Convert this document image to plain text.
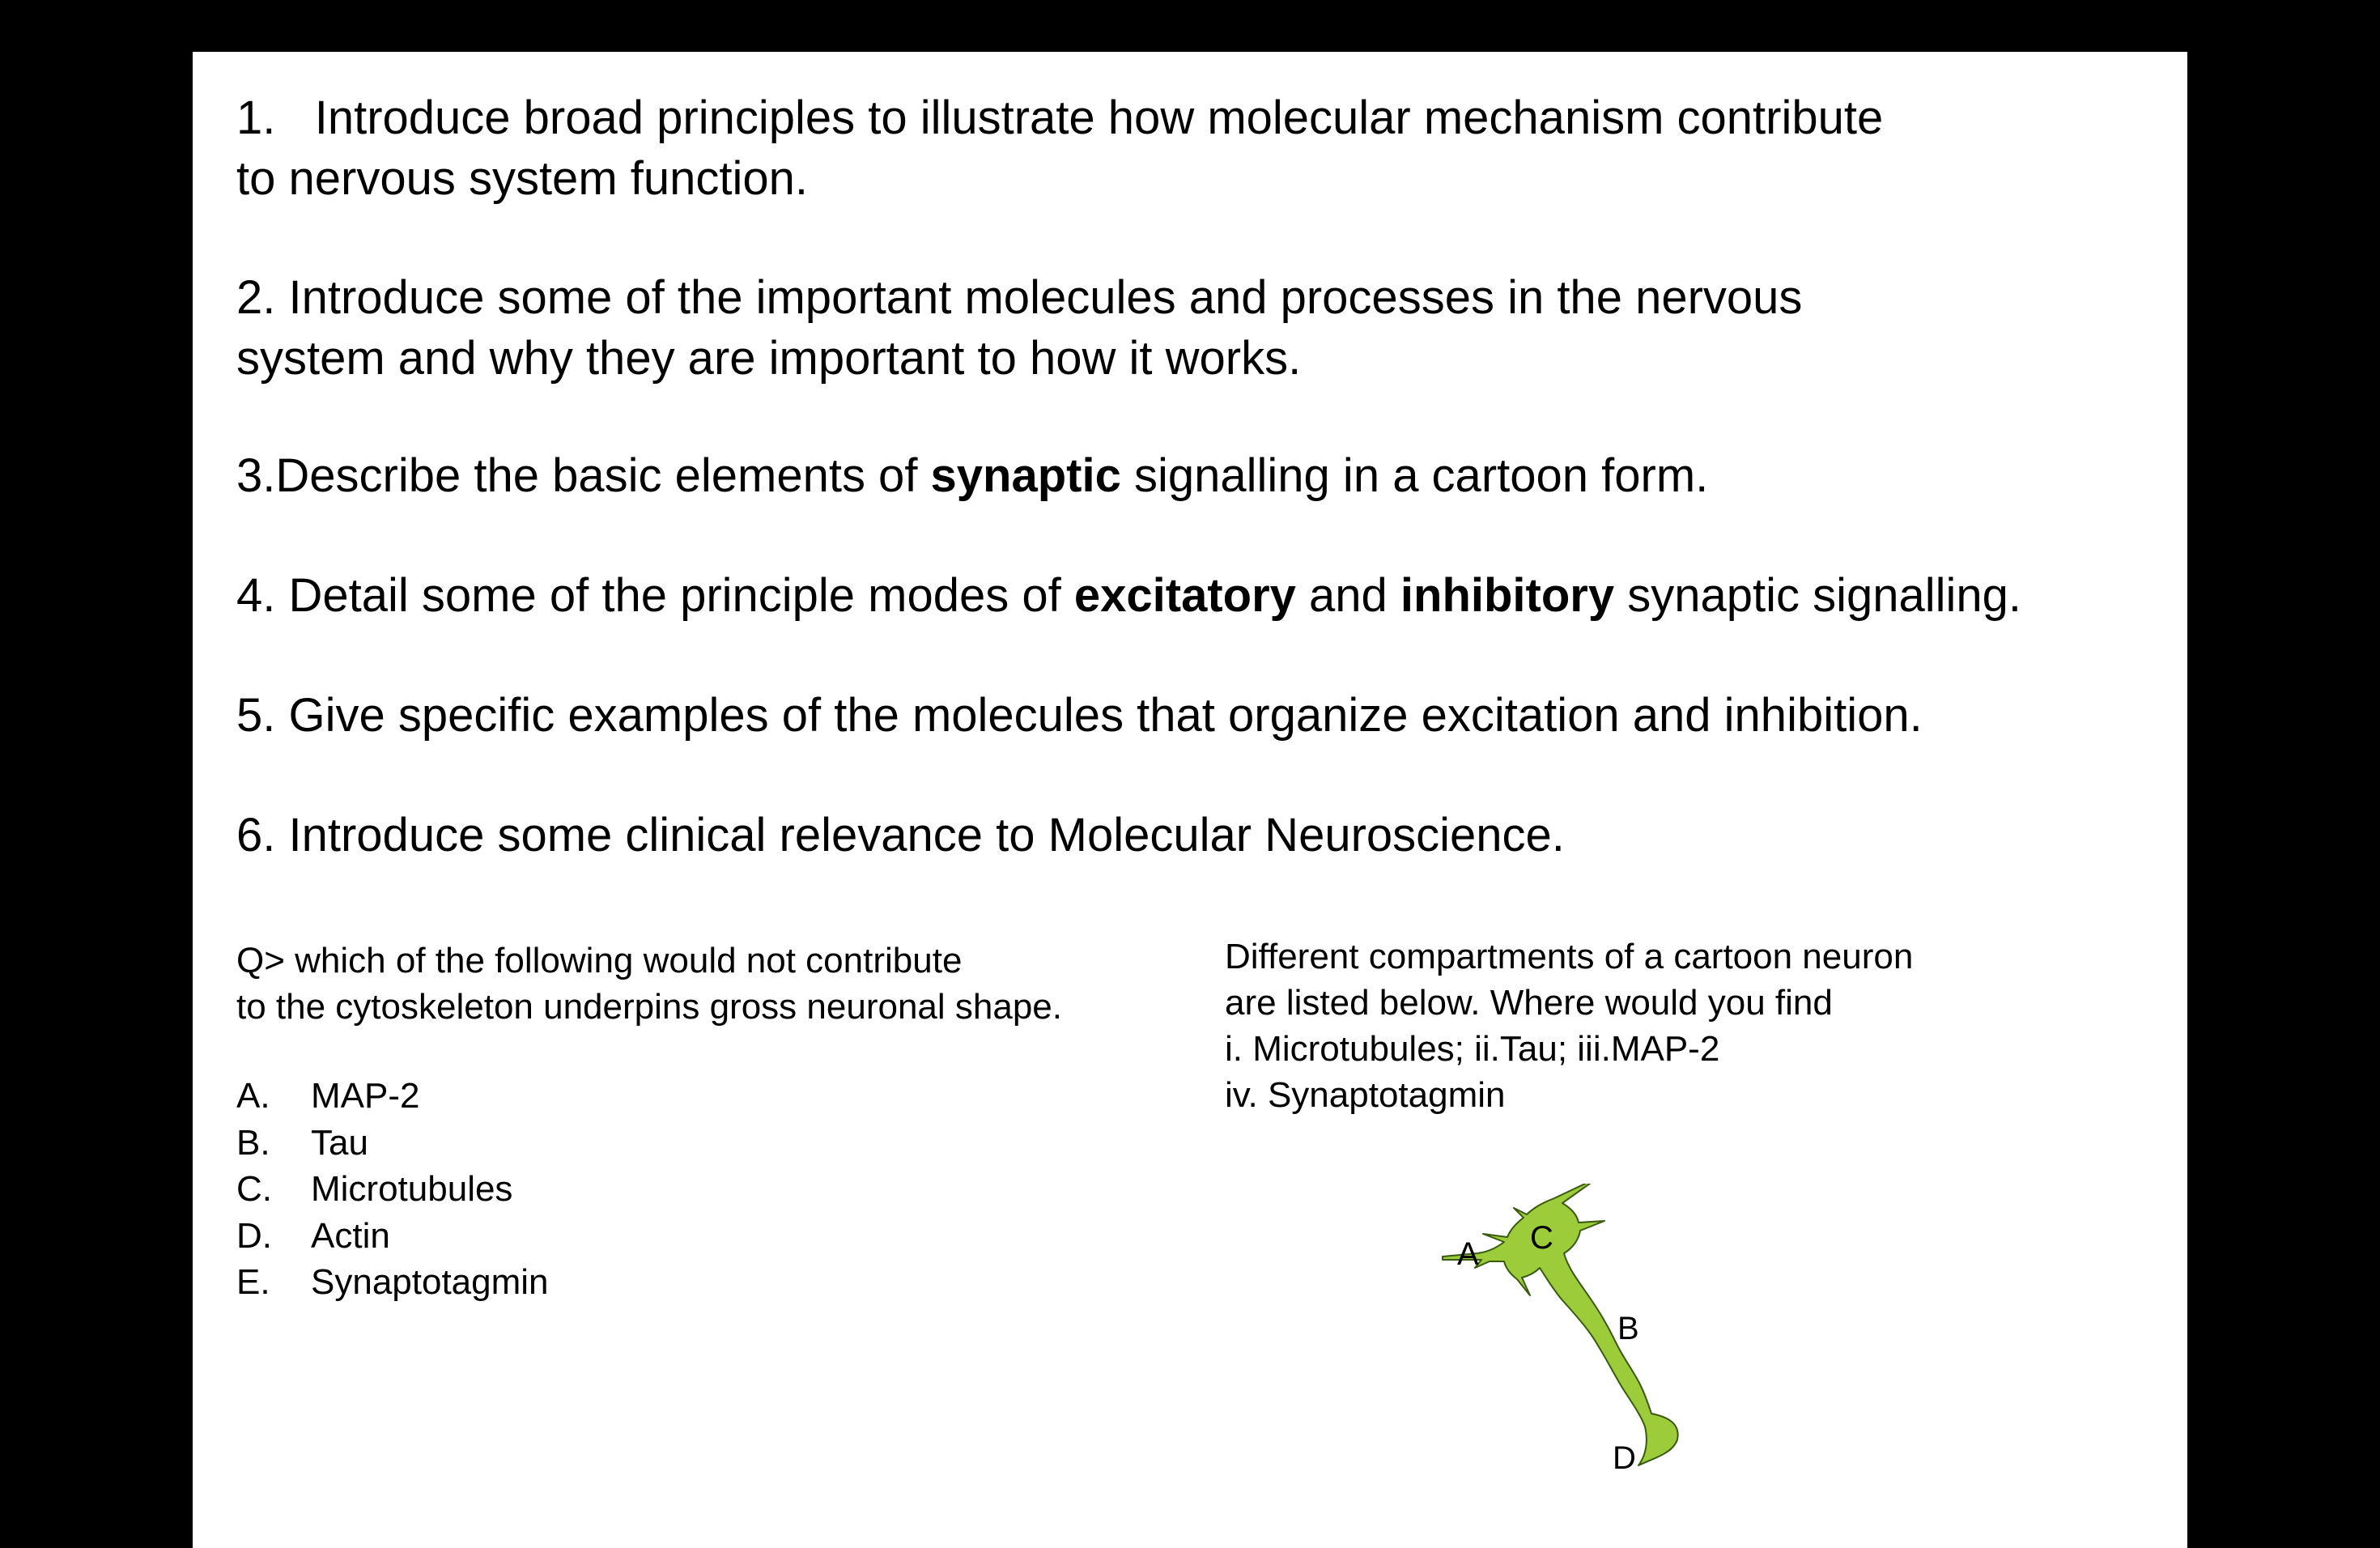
1. Introduce broad principles to illustrate how molecular mechanism contribute
to nervous system function.

2. Introduce some of the important molecules and processes in the nervous
system and why they are important to how it works.

3.Describe the basic elements of synaptic signalling in a cartoon form.

4. Detail some of the principle modes of excitatory and inhibitory synaptic signalling.

5. Give specific examples of the molecules that organize excitation and inhibition.

6. Introduce some clinical relevance to Molecular Neuroscience.

Q> which of the following would not contribute
to the cytoskeleton underpins gross neuronal shape.

A.	MAP-2
B.	Tau
C.	Microtubules
D.	Actin
E.	Synaptotagmin

Different compartments of a cartoon neuron
are listed below. Where would you find
i. Microtubules; ii.Tau; iii.MAP-2
iv. Synaptotagmin

A C
B
D
